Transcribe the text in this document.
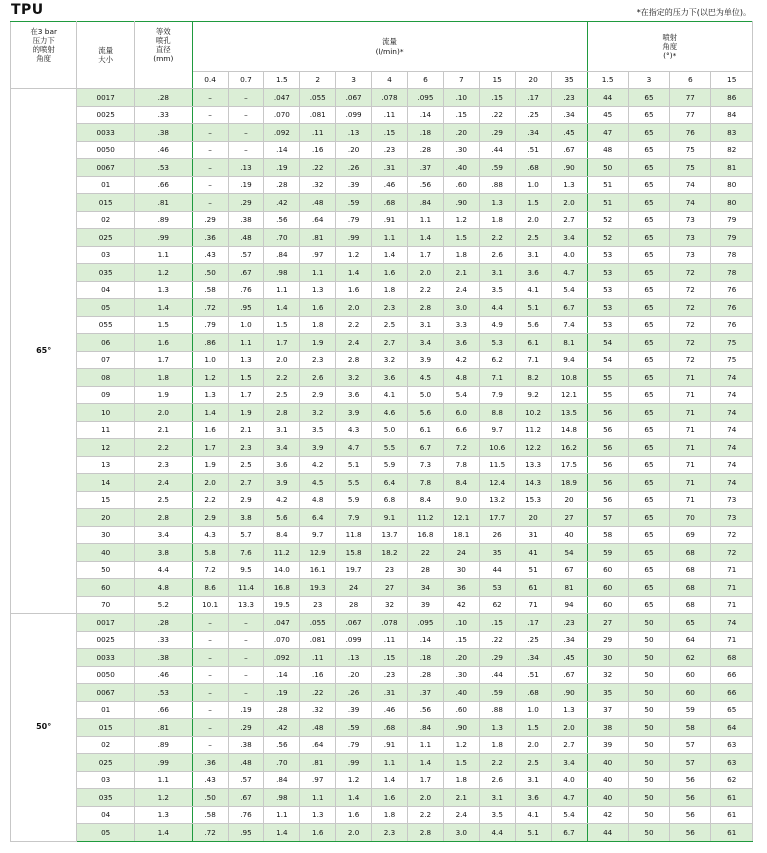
TPU	*在指定的压力下(以巴为单位)。
在3 bar
压力下
的喷射
角度	流量
大小	等效
喷孔
直径
(mm)	流量
(l/min)*											喷射
角度
(°)*			
			0.4	0.7	1.5	2	3	4	6	7	15	20	35	1.5	3	6	15
65°	0017	.28	–	–	.047	.055	.067	.078	.095	.10	.15	.17	.23	44	65	77	86
	0025	.33	–	–	.070	.081	.099	.11	.14	.15	.22	.25	.34	45	65	77	84
	0033	.38	–	–	.092	.11	.13	.15	.18	.20	.29	.34	.45	47	65	76	83
	0050	.46	–	–	.14	.16	.20	.23	.28	.30	.44	.51	.67	48	65	75	82
	0067	.53	–	.13	.19	.22	.26	.31	.37	.40	.59	.68	.90	50	65	75	81
	01	.66	–	.19	.28	.32	.39	.46	.56	.60	.88	1.0	1.3	51	65	74	80
	015	.81	–	.29	.42	.48	.59	.68	.84	.90	1.3	1.5	2.0	51	65	74	80
	02	.89	.29	.38	.56	.64	.79	.91	1.1	1.2	1.8	2.0	2.7	52	65	73	79
	025	.99	.36	.48	.70	.81	.99	1.1	1.4	1.5	2.2	2.5	3.4	52	65	73	79
	03	1.1	.43	.57	.84	.97	1.2	1.4	1.7	1.8	2.6	3.1	4.0	53	65	73	78
	035	1.2	.50	.67	.98	1.1	1.4	1.6	2.0	2.1	3.1	3.6	4.7	53	65	72	78
	04	1.3	.58	.76	1.1	1.3	1.6	1.8	2.2	2.4	3.5	4.1	5.4	53	65	72	76
	05	1.4	.72	.95	1.4	1.6	2.0	2.3	2.8	3.0	4.4	5.1	6.7	53	65	72	76
	055	1.5	.79	1.0	1.5	1.8	2.2	2.5	3.1	3.3	4.9	5.6	7.4	53	65	72	76
	06	1.6	.86	1.1	1.7	1.9	2.4	2.7	3.4	3.6	5.3	6.1	8.1	54	65	72	75
	07	1.7	1.0	1.3	2.0	2.3	2.8	3.2	3.9	4.2	6.2	7.1	9.4	54	65	72	75
	08	1.8	1.2	1.5	2.2	2.6	3.2	3.6	4.5	4.8	7.1	8.2	10.8	55	65	71	74
	09	1.9	1.3	1.7	2.5	2.9	3.6	4.1	5.0	5.4	7.9	9.2	12.1	55	65	71	74
	10	2.0	1.4	1.9	2.8	3.2	3.9	4.6	5.6	6.0	8.8	10.2	13.5	56	65	71	74
	11	2.1	1.6	2.1	3.1	3.5	4.3	5.0	6.1	6.6	9.7	11.2	14.8	56	65	71	74
	12	2.2	1.7	2.3	3.4	3.9	4.7	5.5	6.7	7.2	10.6	12.2	16.2	56	65	71	74
	13	2.3	1.9	2.5	3.6	4.2	5.1	5.9	7.3	7.8	11.5	13.3	17.5	56	65	71	74
	14	2.4	2.0	2.7	3.9	4.5	5.5	6.4	7.8	8.4	12.4	14.3	18.9	56	65	71	74
	15	2.5	2.2	2.9	4.2	4.8	5.9	6.8	8.4	9.0	13.2	15.3	20	56	65	71	73
	20	2.8	2.9	3.8	5.6	6.4	7.9	9.1	11.2	12.1	17.7	20	27	57	65	70	73
	30	3.4	4.3	5.7	8.4	9.7	11.8	13.7	16.8	18.1	26	31	40	58	65	69	72
	40	3.8	5.8	7.6	11.2	12.9	15.8	18.2	22	24	35	41	54	59	65	68	72
	50	4.4	7.2	9.5	14.0	16.1	19.7	23	28	30	44	51	67	60	65	68	71
	60	4.8	8.6	11.4	16.8	19.3	24	27	34	36	53	61	81	60	65	68	71
	70	5.2	10.1	13.3	19.5	23	28	32	39	42	62	71	94	60	65	68	71
50°	0017	.28	–	–	.047	.055	.067	.078	.095	.10	.15	.17	.23	27	50	65	74
	0025	.33	–	–	.070	.081	.099	.11	.14	.15	.22	.25	.34	29	50	64	71
	0033	.38	–	–	.092	.11	.13	.15	.18	.20	.29	.34	.45	30	50	62	68
	0050	.46	–	–	.14	.16	.20	.23	.28	.30	.44	.51	.67	32	50	60	66
	0067	.53	–	–	.19	.22	.26	.31	.37	.40	.59	.68	.90	35	50	60	66
	01	.66	–	.19	.28	.32	.39	.46	.56	.60	.88	1.0	1.3	37	50	59	65
	015	.81	–	.29	.42	.48	.59	.68	.84	.90	1.3	1.5	2.0	38	50	58	64
	02	.89	–	.38	.56	.64	.79	.91	1.1	1.2	1.8	2.0	2.7	39	50	57	63
	025	.99	.36	.48	.70	.81	.99	1.1	1.4	1.5	2.2	2.5	3.4	40	50	57	63
	03	1.1	.43	.57	.84	.97	1.2	1.4	1.7	1.8	2.6	3.1	4.0	40	50	56	62
	035	1.2	.50	.67	.98	1.1	1.4	1.6	2.0	2.1	3.1	3.6	4.7	40	50	56	61
	04	1.3	.58	.76	1.1	1.3	1.6	1.8	2.2	2.4	3.5	4.1	5.4	42	50	56	61
	05	1.4	.72	.95	1.4	1.6	2.0	2.3	2.8	3.0	4.4	5.1	6.7	44	50	56	61
